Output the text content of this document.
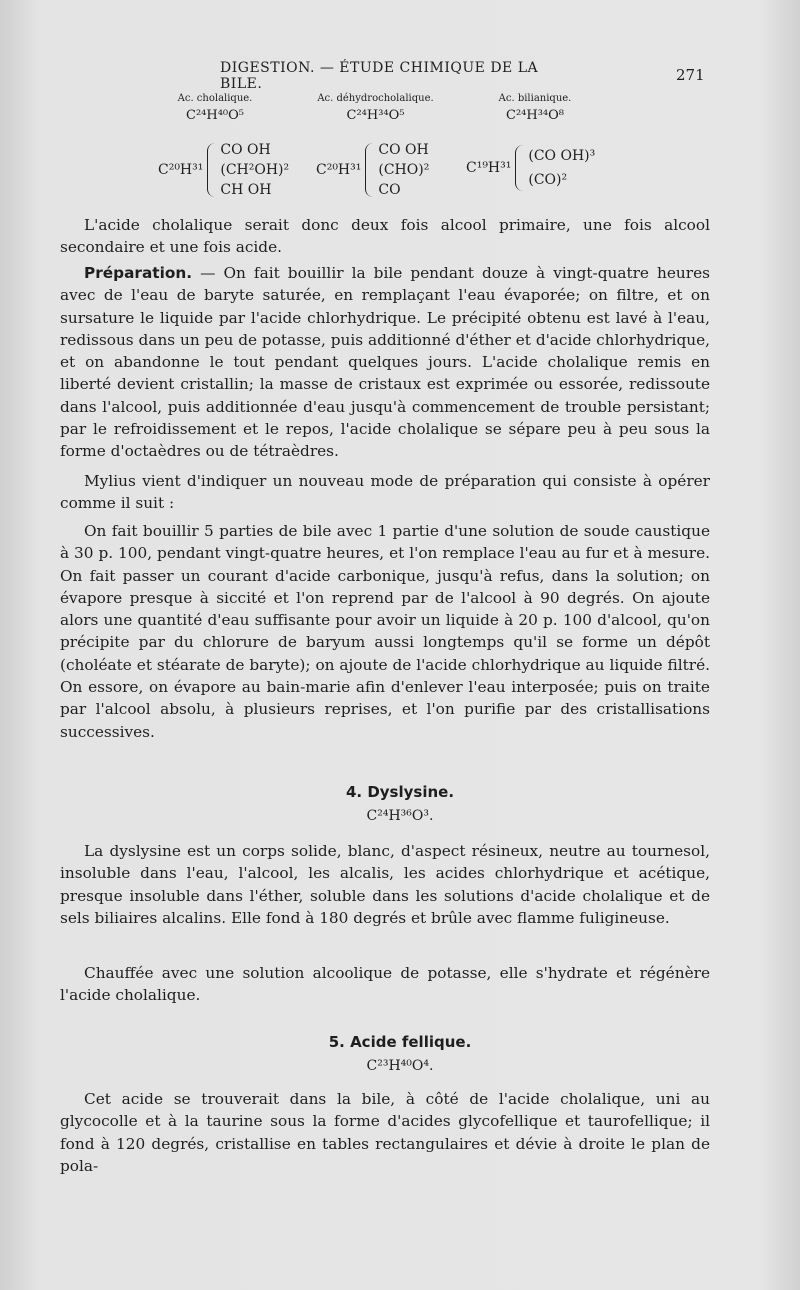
DIGESTION. — ÉTUDE CHIMIQUE DE LA BILE.	271
Ac. cholalique.
C²⁴H⁴⁰O⁵
Ac. déhydrocholalique.
C²⁴H³⁴O⁵
Ac. bilianique.
C²⁴H³⁴O⁸
C²⁰H³¹
CO OH
(CH²OH)²
CH OH
C²⁰H³¹
CO OH
(CHO)²
CO
C¹⁹H³¹
(CO OH)³
(CO)²
L'acide cholalique serait donc deux fois alcool primaire, une fois alcool secondaire et une fois acide.
Préparation. — On fait bouillir la bile pendant douze à vingt-quatre heures avec de l'eau de baryte saturée, en remplaçant l'eau évaporée; on filtre, et on sursature le liquide par l'acide chlorhydrique. Le précipité obtenu est lavé à l'eau, redissous dans un peu de potasse, puis additionné d'éther et d'acide chlorhydrique, et on abandonne le tout pendant quelques jours. L'acide cholalique remis en liberté devient cristallin; la masse de cristaux est exprimée ou essorée, redissoute dans l'alcool, puis additionnée d'eau jusqu'à commencement de trouble persistant; par le refroidissement et le repos, l'acide cholalique se sépare peu à peu sous la forme d'octaèdres ou de tétraèdres.
Mylius vient d'indiquer un nouveau mode de préparation qui consiste à opérer comme il suit :
On fait bouillir 5 parties de bile avec 1 partie d'une solution de soude caustique à 30 p. 100, pendant vingt-quatre heures, et l'on remplace l'eau au fur et à mesure. On fait passer un courant d'acide carbonique, jusqu'à refus, dans la solution; on évapore presque à siccité et l'on reprend par de l'alcool à 90 degrés. On ajoute alors une quantité d'eau suffisante pour avoir un liquide à 20 p. 100 d'alcool, qu'on précipite par du chlorure de baryum aussi longtemps qu'il se forme un dépôt (choléate et stéarate de baryte); on ajoute de l'acide chlorhydrique au liquide filtré. On essore, on évapore au bain-marie afin d'enlever l'eau interposée; puis on traite par l'alcool absolu, à plusieurs reprises, et l'on purifie par des cristallisations successives.
4. Dyslysine.
C²⁴H³⁶O³.
La dyslysine est un corps solide, blanc, d'aspect résineux, neutre au tournesol, insoluble dans l'eau, l'alcool, les alcalis, les acides chlorhydrique et acétique, presque insoluble dans l'éther, soluble dans les solutions d'acide cholalique et de sels biliaires alcalins. Elle fond à 180 degrés et brûle avec flamme fuligineuse.
Chauffée avec une solution alcoolique de potasse, elle s'hydrate et régénère l'acide cholalique.
5. Acide fellique.
C²³H⁴⁰O⁴.
Cet acide se trouverait dans la bile, à côté de l'acide cholalique, uni au glycocolle et à la taurine sous la forme d'acides glycofellique et taurofellique; il fond à 120 degrés, cristallise en tables rectangulaires et dévie à droite le plan de pola-
